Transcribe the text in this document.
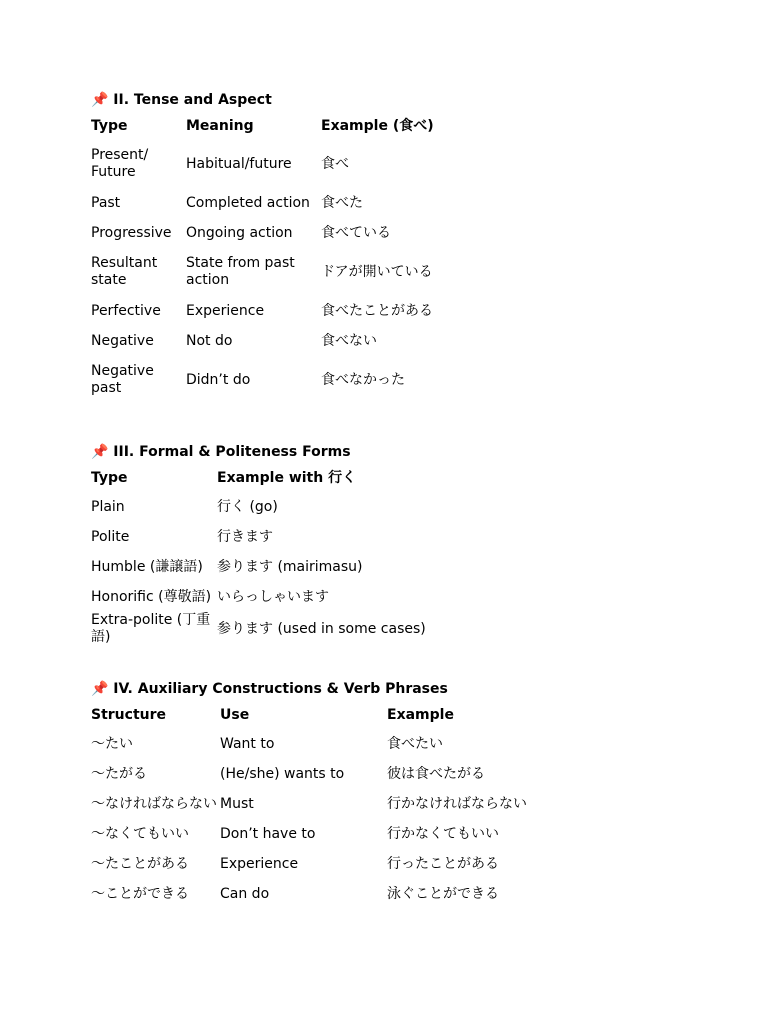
📌 II. Tense and Aspect
Type	Meaning	Example (食べ)
Present/ Future	Habitual/future	食べ
Past	Completed action	食べた
Progressive	Ongoing action	食べている
Resultant state	State from past action	ドアが開いている
Perfective	Experience	食べたことがある
Negative	Not do	食べない
Negative past	Didn’t do	食べなかった
📌 III. Formal & Politeness Forms
Type	Example with 行く
Plain	行く (go)
Polite	行きます
Humble (謙譲語)	参ります (mairimasu)
Honorific (尊敬語)	いらっしゃいます
Extra-polite (丁重語)	参ります (used in some cases)
📌 IV. Auxiliary Constructions & Verb Phrases
Structure	Use	Example
〜たい	Want to	食べたい
〜たがる	(He/she) wants to	彼は食べたがる
〜なければならない	Must	行かなければならない
〜なくてもいい	Don’t have to	行かなくてもいい
〜たことがある	Experience	行ったことがある
〜ことができる	Can do	泳ぐことができる
